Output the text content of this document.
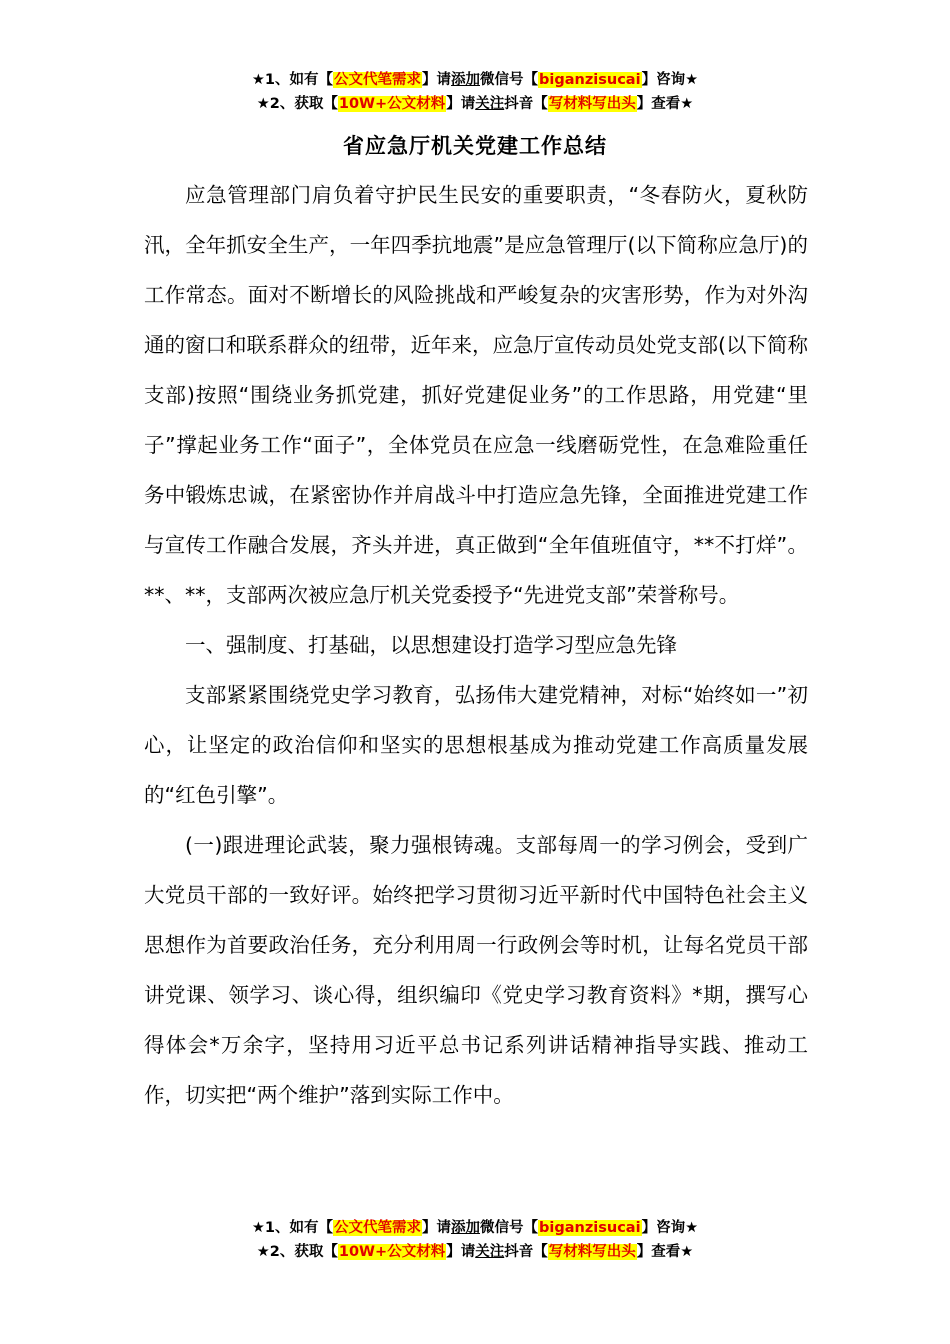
★1、如有【公文代笔需求】请添加微信号【biganzisucai】咨询★
★2、获取【10W+公文材料】请关注抖音【写材料写出头】查看★
省应急厅机关党建工作总结

应急管理部门肩负着守护民生民安的重要职责，“冬春防火，夏秋防汛，全年抓安全生产，一年四季抗地震”是应急管理厅(以下简称应急厅)的工作常态。面对不断增长的风险挑战和严峻复杂的灾害形势，作为对外沟通的窗口和联系群众的纽带，近年来，应急厅宣传动员处党支部(以下简称支部)按照“围绕业务抓党建，抓好党建促业务”的工作思路，用党建“里子”撑起业务工作“面子”，全体党员在应急一线磨砺党性，在急难险重任务中锻炼忠诚，在紧密协作并肩战斗中打造应急先锋，全面推进党建工作与宣传工作融合发展，齐头并进，真正做到“全年值班值守，**不打烊”。**、**，支部两次被应急厅机关党委授予“先进党支部”荣誉称号。

一、强制度、打基础，以思想建设打造学习型应急先锋

支部紧紧围绕党史学习教育，弘扬伟大建党精神，对标“始终如一”初心，让坚定的政治信仰和坚实的思想根基成为推动党建工作高质量发展的“红色引擎”。

(一)跟进理论武装，聚力强根铸魂。支部每周一的学习例会，受到广大党员干部的一致好评。始终把学习贯彻习近平新时代中国特色社会主义思想作为首要政治任务，充分利用周一行政例会等时机，让每名党员干部讲党课、领学习、谈心得，组织编印《党史学习教育资料》*期，撰写心得体会*万余字，坚持用习近平总书记系列讲话精神指导实践、推动工作，切实把“两个维护”落到实际工作中。

★1、如有【公文代笔需求】请添加微信号【biganzisucai】咨询★
★2、获取【10W+公文材料】请关注抖音【写材料写出头】查看★
